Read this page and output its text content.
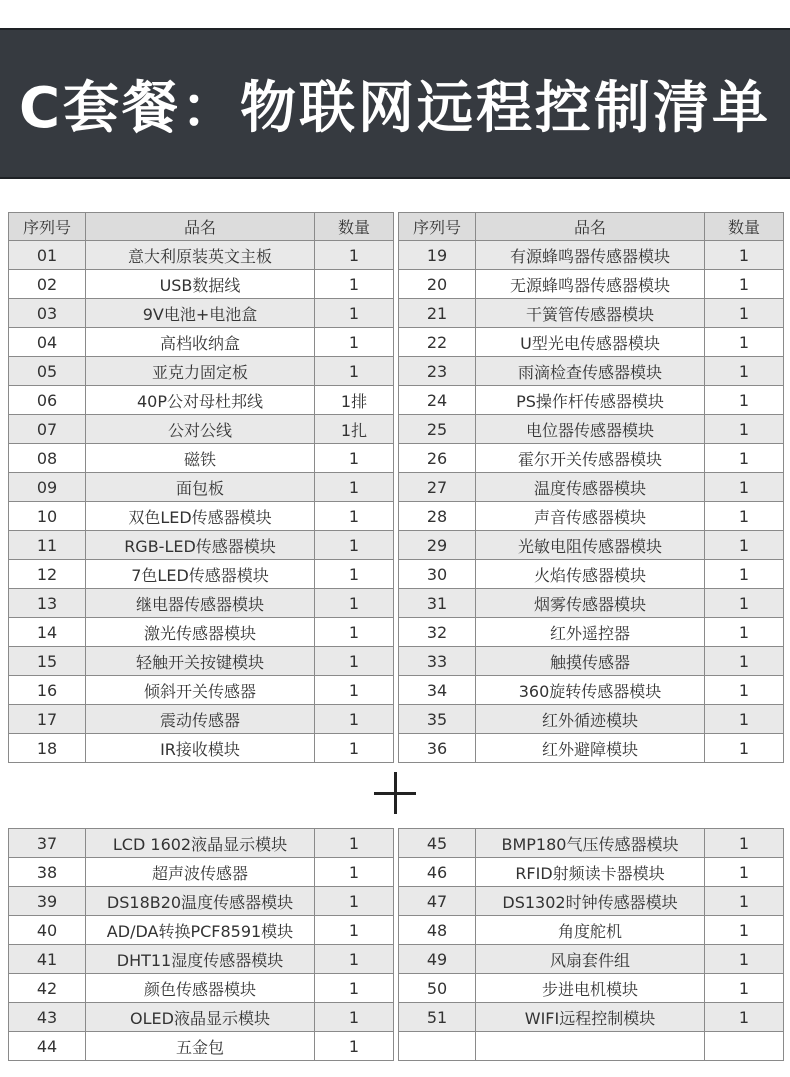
C套餐：物联网远程控制清单
序列号	品名	数量
01	意大利原装英文主板	1
02	USB数据线	1
03	9V电池+电池盒	1
04	高档收纳盒	1
05	亚克力固定板	1
06	40P公对母杜邦线	1排
07	公对公线	1扎
08	磁铁	1
09	面包板	1
10	双色LED传感器模块	1
11	RGB-LED传感器模块	1
12	7色LED传感器模块	1
13	继电器传感器模块	1
14	激光传感器模块	1
15	轻触开关按键模块	1
16	倾斜开关传感器	1
17	震动传感器	1
18	IR接收模块	1
序列号	品名	数量
19	有源蜂鸣器传感器模块	1
20	无源蜂鸣器传感器模块	1
21	干簧管传感器模块	1
22	U型光电传感器模块	1
23	雨滴检查传感器模块	1
24	PS操作杆传感器模块	1
25	电位器传感器模块	1
26	霍尔开关传感器模块	1
27	温度传感器模块	1
28	声音传感器模块	1
29	光敏电阻传感器模块	1
30	火焰传感器模块	1
31	烟雾传感器模块	1
32	红外遥控器	1
33	触摸传感器	1
34	360旋转传感器模块	1
35	红外循迹模块	1
36	红外避障模块	1
37	LCD 1602液晶显示模块	1
38	超声波传感器	1
39	DS18B20温度传感器模块	1
40	AD/DA转换PCF8591模块	1
41	DHT11湿度传感器模块	1
42	颜色传感器模块	1
43	OLED液晶显示模块	1
44	五金包	1
45	BMP180气压传感器模块	1
46	RFID射频读卡器模块	1
47	DS1302时钟传感器模块	1
48	角度舵机	1
49	风扇套件组	1
50	步进电机模块	1
51	WIFI远程控制模块	1
